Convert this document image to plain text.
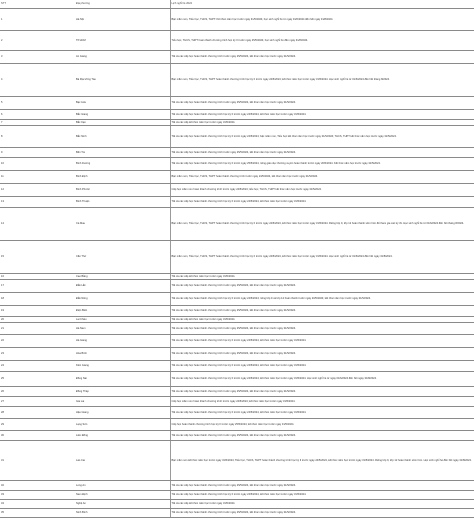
STT	Địa phương	Lịch nghỉ hè 2024
1	Hà Nội	Bậc mầm non, Tiểu học, THCS, THPT: Kết thúc năm học trước ngày 31/5/2024; học sinh nghỉ hè từ ngày 01/6/2024 đến hết ngày 31/8/2024.
2	TP.HCM	Tiểu học, THCS, THPT hoàn thành chương trình học kỳ II trước ngày 25/5/2024; học sinh nghỉ hè đến ngày 31/8/2024.
3	An Giang	Tất cả các cấp học hoàn thành chương trình trước ngày 25/5/2024, kết thúc năm học trước ngày 31/5/2024.
4	Bà Rịa-Vũng Tàu	Bậc mầm non, Tiểu học, THCS, THPT hoàn thành chương trình học kỳ II trước ngày 24/5/2024; kết thúc năm học trước ngày 31/5/2024. Học sinh nghỉ hè từ 01/6/2024 đến hết tháng 8/2024.
5	Bạc Liêu	Tất cả các cấp học hoàn thành chương trình trước ngày 25/5/2024, kết thúc năm học trước ngày 31/5/2024.
6	Bắc Giang	Tất cả các cấp học hoàn thành chương trình học kỳ II trước ngày 24/5/2024, kết thúc năm học trước ngày 31/5/2024.
7	Bắc Kạn	Tất cả các cấp kết thúc năm học trước ngày 31/5/2024.
8	Bắc Ninh	Tất cả các cấp học hoàn thành chương trình học kỳ II trước ngày 24/5/2024; bậc mầm non, Tiểu học kết thúc năm học trước ngày 31/5/2024; THCS, THPT kết thúc năm học trước ngày 31/5/2024.
9	Bến Tre	Tất cả các cấp học hoàn thành chương trình trước ngày 25/5/2024, kết thúc năm học trước ngày 31/5/2024.
10	Bình Dương	Tất cả các cấp học hoàn thành chương trình học kỳ II trước ngày 25/5/2024, riêng giáo dục thường xuyên hoàn thành trước ngày 20/5/2024. Kết thúc năm học trước ngày 31/5/2024.
11	Bình Định	Bậc mầm non, Tiểu học, THCS, THPT hoàn thành chương trình trước ngày 24/5/2024, kết thúc năm học trước ngày 31/5/2024.
12	Bình Phước	Cấp học mầm non hoàn thành chương trình trước ngày 24/5/2024; tiểu học, THCS, THPT kết thúc năm học trước ngày 31/5/2024.
13	Bình Thuận	Tất cả các cấp học hoàn thành chương trình học kỳ II trước ngày 24/5/2024, kết thúc năm học trước ngày 31/5/2024.
14	Cà Mau	Bậc mầm non, Tiểu học, THCS, THPT hoàn thành chương trình học kỳ II trước ngày 24/5/2024, kết thúc năm học trước ngày 31/5/2024. Riêng lớp 9, lớp 12 hoàn thành sớm hơn để tham gia các kỳ thi. Học sinh nghỉ hè từ 01/6/2024 đến hết tháng 8/2024.
15	Cần Thơ	Bậc mầm non, Tiểu học, THCS, THPT hoàn thành chương trình học kỳ II trước ngày 24/5/2024, kết thúc năm học trước ngày 31/5/2024. Học sinh nghỉ hè từ 01/6/2024 đến hết ngày 31/8/2024.
16	Cao Bằng	Tất cả các cấp kết thúc năm học trước ngày 31/5/2024.
17	Đắk Lắk	Tất cả các cấp học hoàn thành chương trình trước ngày 25/5/2024, kết thúc năm học trước ngày 31/5/2024.
18	Đắk Nông	Tất cả các cấp học hoàn thành chương trình học kỳ II trước ngày 24/5/2024; riêng lớp 9 và lớp 12 hoàn thành trước ngày 20/5/2024; kết thúc năm học trước ngày 31/5/2024.
19	Điện Biên	Tất cả các cấp học hoàn thành chương trình trước ngày 25/5/2024, kết thúc năm học trước ngày 31/5/2024.
20	Lai Châu	Tất cả các cấp kết thúc năm học trước ngày 31/5/2024.
21	Hà Nam	Tất cả các cấp học hoàn thành chương trình trước ngày 25/5/2024, kết thúc năm học trước ngày 31/5/2024.
22	Hà Giang	Tất cả các cấp học hoàn thành chương trình học kỳ II trước ngày 24/5/2024, kết thúc năm học trước ngày 31/5/2024.
23	Hòa Bình	Tất cả các cấp học hoàn thành chương trình trước ngày 25/5/2024, kết thúc năm học trước ngày 31/5/2024.
24	Kiên Giang	Tất cả các cấp học hoàn thành chương trình học kỳ II trước ngày 24/5/2024, kết thúc năm học trước ngày 31/5/2024.
25	Đồng Nai	Tất cả các cấp học hoàn thành chương trình học kỳ II trước ngày 24/5/2024; kết thúc năm học trước ngày 31/5/2024. Học sinh nghỉ hè từ ngày 01/6/2024 đến hết ngày 31/8/2024.
26	Đồng Tháp	Tất cả các cấp học hoàn thành chương trình trước ngày 25/5/2024, kết thúc năm học trước ngày 31/5/2024.
27	Gia Lai	Cấp học mầm non hoàn thành chương trình trước ngày 24/5/2024; kết thúc năm học trước ngày 31/5/2024.
28	Hậu Giang	Tất cả các cấp học hoàn thành chương trình học kỳ II trước ngày 24/5/2024, kết thúc năm học trước ngày 31/5/2024.
29	Lạng Sơn	Cấp học hoàn thành chương trình học kỳ II trước ngày 25/5/2024; kết thúc năm học trước ngày 31/5/2024.
30	Lâm Đồng	Tất cả các cấp học hoàn thành chương trình trước ngày 25/5/2024, kết thúc năm học trước ngày 31/5/2024.
31	Lào Cai	Bậc mầm non kết thúc năm học trước ngày 31/5/2024; Tiểu học, THCS, THPT hoàn thành chương trình học kỳ II trước ngày 24/5/2024, kết thúc năm học trước ngày 31/5/2024. Riêng lớp 9, lớp 12 hoàn thành sớm hơn. Học sinh nghỉ hè đến hết ngày 31/8/2024.
32	Long An	Tất cả các cấp học hoàn thành chương trình trước ngày 25/5/2024, kết thúc năm học trước ngày 31/5/2024.
33	Nam Định	Tất cả các cấp học hoàn thành chương trình học kỳ II trước ngày 24/5/2024, kết thúc năm học trước ngày 31/5/2024.
34	Nghệ An	Tất cả các cấp kết thúc năm học trước ngày 31/5/2024.
35	Ninh Bình	Tất cả các cấp học hoàn thành chương trình trước ngày 25/5/2024, kết thúc năm học trước ngày 31/5/2024.
